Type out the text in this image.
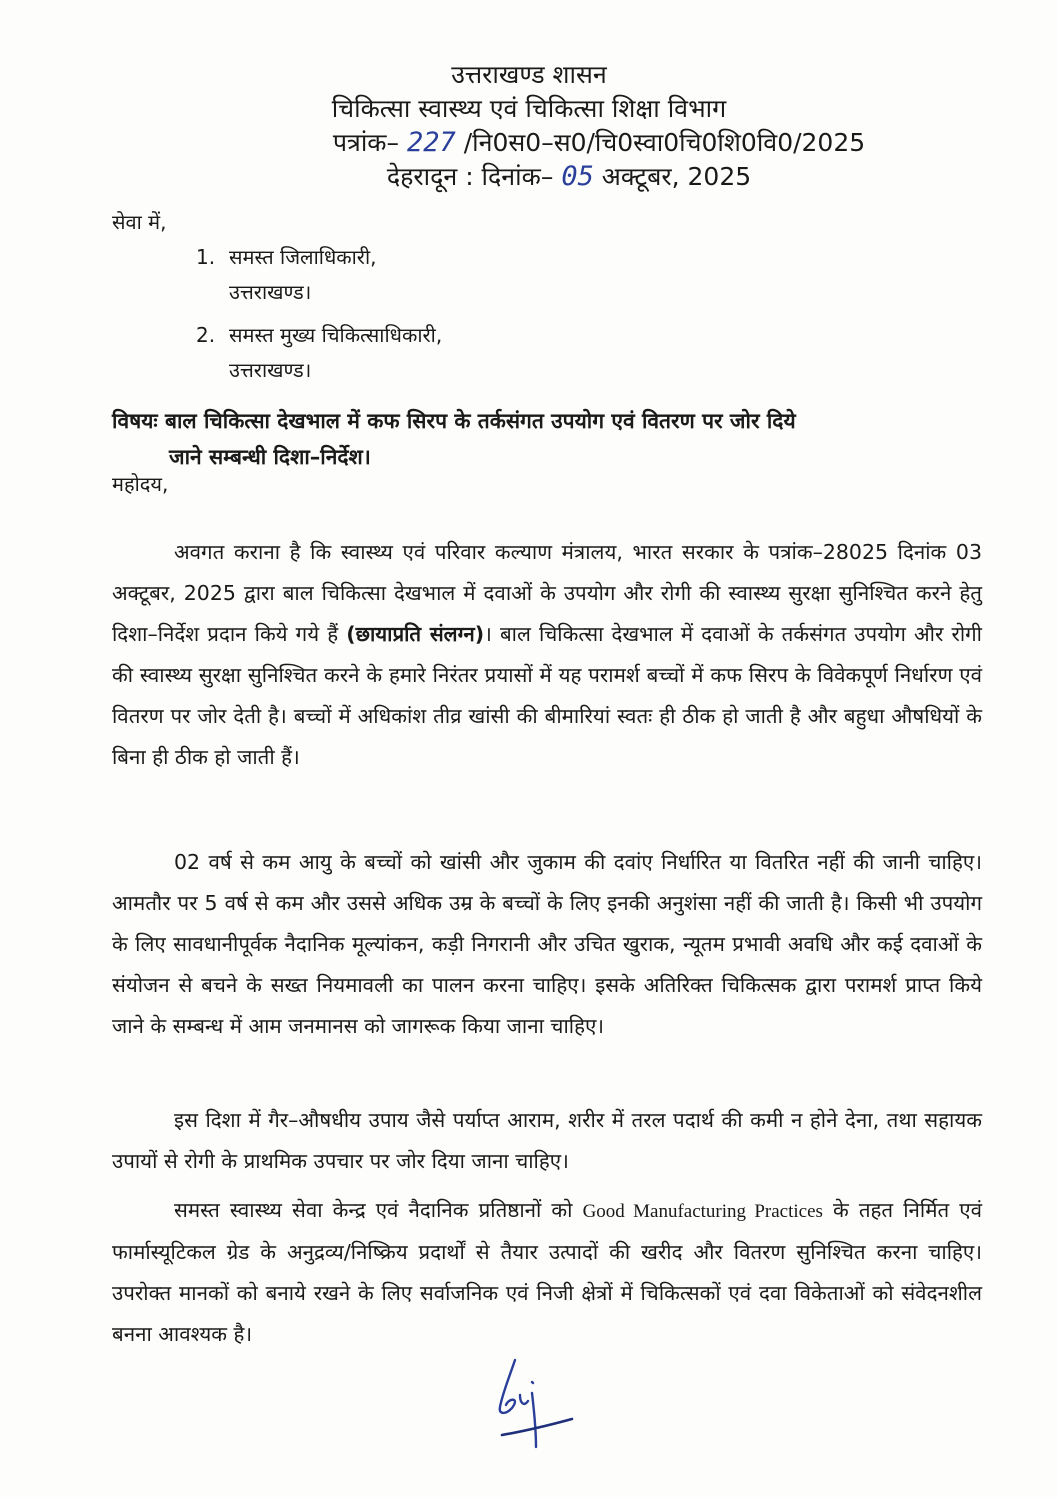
उत्तराखण्ड शासन
चिकित्सा स्वास्थ्य एवं चिकित्सा शिक्षा विभाग
पत्रांक– 227 /नि0स0–स0/चि0स्वा0चि0शि0वि0/2025
देहरादून : दिनांक– 05 अक्टूबर, 2025
सेवा में,
1. समस्त जिलाधिकारी,
उत्तराखण्ड।
2. समस्त मुख्य चिकित्साधिकारी,
उत्तराखण्ड।
विषयः बाल चिकित्सा देखभाल में कफ सिरप के तर्कसंगत उपयोग एवं वितरण पर जोर दिये
जाने सम्बन्धी दिशा–निर्देश।
महोदय,
अवगत कराना है कि स्वास्थ्य एवं परिवार कल्याण मंत्रालय, भारत सरकार के पत्रांक–28025 दिनांक 03 अक्टूबर, 2025 द्वारा बाल चिकित्सा देखभाल में दवाओं के उपयोग और रोगी की स्वास्थ्य सुरक्षा सुनिश्चित करने हेतु दिशा–निर्देश प्रदान किये गये हैं (छायाप्रति संलग्न)। बाल चिकित्सा देखभाल में दवाओं के तर्कसंगत उपयोग और रोगी की स्वास्थ्य सुरक्षा सुनिश्चित करने के हमारे निरंतर प्रयासों में यह परामर्श बच्चों में कफ सिरप के विवेकपूर्ण निर्धारण एवं वितरण पर जोर देती है। बच्चों में अधिकांश तीव्र खांसी की बीमारियां स्वतः ही ठीक हो जाती है और बहुधा औषधियों के बिना ही ठीक हो जाती हैं।
02 वर्ष से कम आयु के बच्चों को खांसी और जुकाम की दवांए निर्धारित या वितरित नहीं की जानी चाहिए। आमतौर पर 5 वर्ष से कम और उससे अधिक उम्र के बच्चों के लिए इनकी अनुशंसा नहीं की जाती है। किसी भी उपयोग के लिए सावधानीपूर्वक नैदानिक मूल्यांकन, कड़ी निगरानी और उचित खुराक, न्यूतम प्रभावी अवधि और कई दवाओं के संयोजन से बचने के सख्त नियमावली का पालन करना चाहिए। इसके अतिरिक्त चिकित्सक द्वारा परामर्श प्राप्त किये जाने के सम्बन्ध में आम जनमानस को जागरूक किया जाना चाहिए।
इस दिशा में गैर–औषधीय उपाय जैसे पर्याप्त आराम, शरीर में तरल पदार्थ की कमी न होने देना, तथा सहायक उपायों से रोगी के प्राथमिक उपचार पर जोर दिया जाना चाहिए।
समस्त स्वास्थ्य सेवा केन्द्र एवं नैदानिक प्रतिष्ठानों को Good Manufacturing Practices के तहत निर्मित एवं फार्मास्यूटिकल ग्रेड के अनुद्रव्य/निष्क्रिय प्रदार्थों से तैयार उत्पादों की खरीद और वितरण सुनिश्चित करना चाहिए। उपरोक्त मानकों को बनाये रखने के लिए सर्वाजनिक एवं निजी क्षेत्रों में चिकित्सकों एवं दवा विकेताओं को संवेदनशील बनना आवश्यक है।
